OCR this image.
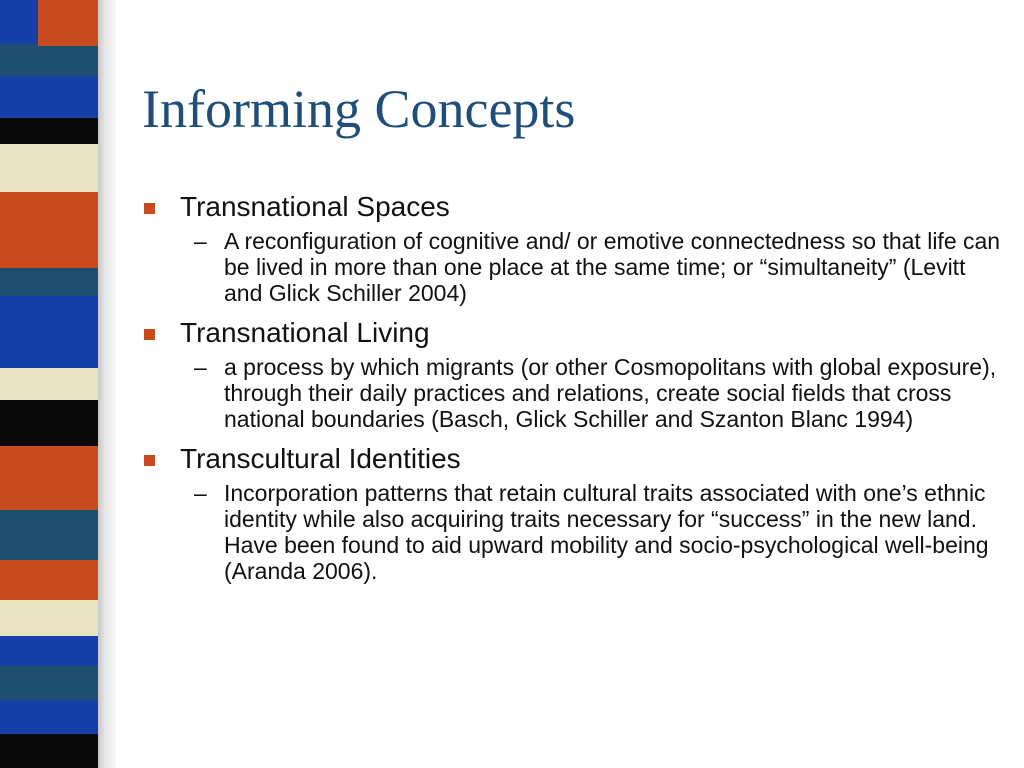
Informing Concepts
Transnational Spaces
– A reconfiguration of cognitive and/ or emotive connectedness so that life can be lived in more than one place at the same time; or “simultaneity” (Levitt and Glick Schiller 2004)
Transnational Living
– a process by which migrants (or other Cosmopolitans with global exposure), through their daily practices and relations, create social fields that cross national boundaries (Basch, Glick Schiller and Szanton Blanc 1994)
Transcultural Identities
– Incorporation patterns that retain cultural traits associated with one’s ethnic identity while also acquiring traits necessary for “success” in the new land. Have been found to aid upward mobility and socio-psychological well-being (Aranda 2006).
